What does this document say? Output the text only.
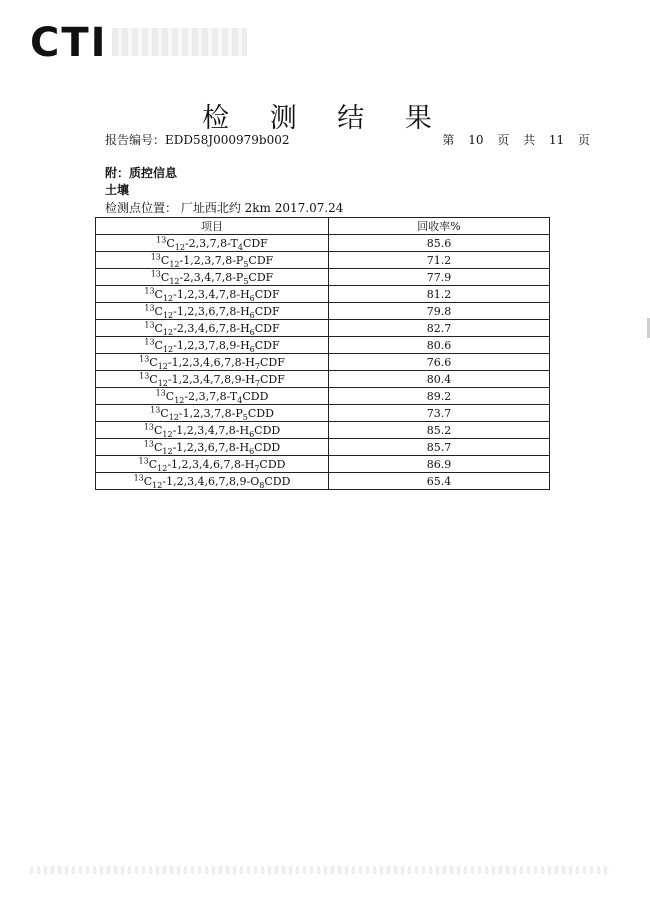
CTI
检 测 结 果
报告编号：EDD58J000979b002	第 10 页 共 11 页
附：质控信息
土壤
检测点位置： 厂址西北约 2km 2017.07.24
项目	回收率%
$^{13}C_{12}-2,3,7,8-T_4CDF$	85.6
$^{13}C_{12}-1,2,3,7,8-P_5CDF$	71.2
$^{13}C_{12}-2,3,4,7,8-P_5CDF$	77.9
$^{13}C_{12}-1,2,3,4,7,8-H_6CDF$	81.2
$^{13}C_{12}-1,2,3,6,7,8-H_6CDF$	79.8
$^{13}C_{12}-2,3,4,6,7,8-H_6CDF$	82.7
$^{13}C_{12}-1,2,3,7,8,9-H_6CDF$	80.6
$^{13}C_{12}-1,2,3,4,6,7,8-H_7CDF$	76.6
$^{13}C_{12}-1,2,3,4,7,8,9-H_7CDF$	80.4
$^{13}C_{12}-2,3,7,8-T_4CDD$	89.2
$^{13}C_{12}-1,2,3,7,8-P_5CDD$	73.7
$^{13}C_{12}-1,2,3,4,7,8-H_6CDD$	85.2
$^{13}C_{12}-1,2,3,6,7,8-H_6CDD$	85.7
$^{13}C_{12}-1,2,3,4,6,7,8-H_7CDD$	86.9
$^{13}C_{12}-1,2,3,4,6,7,8,9-O_8CDD$	65.4
